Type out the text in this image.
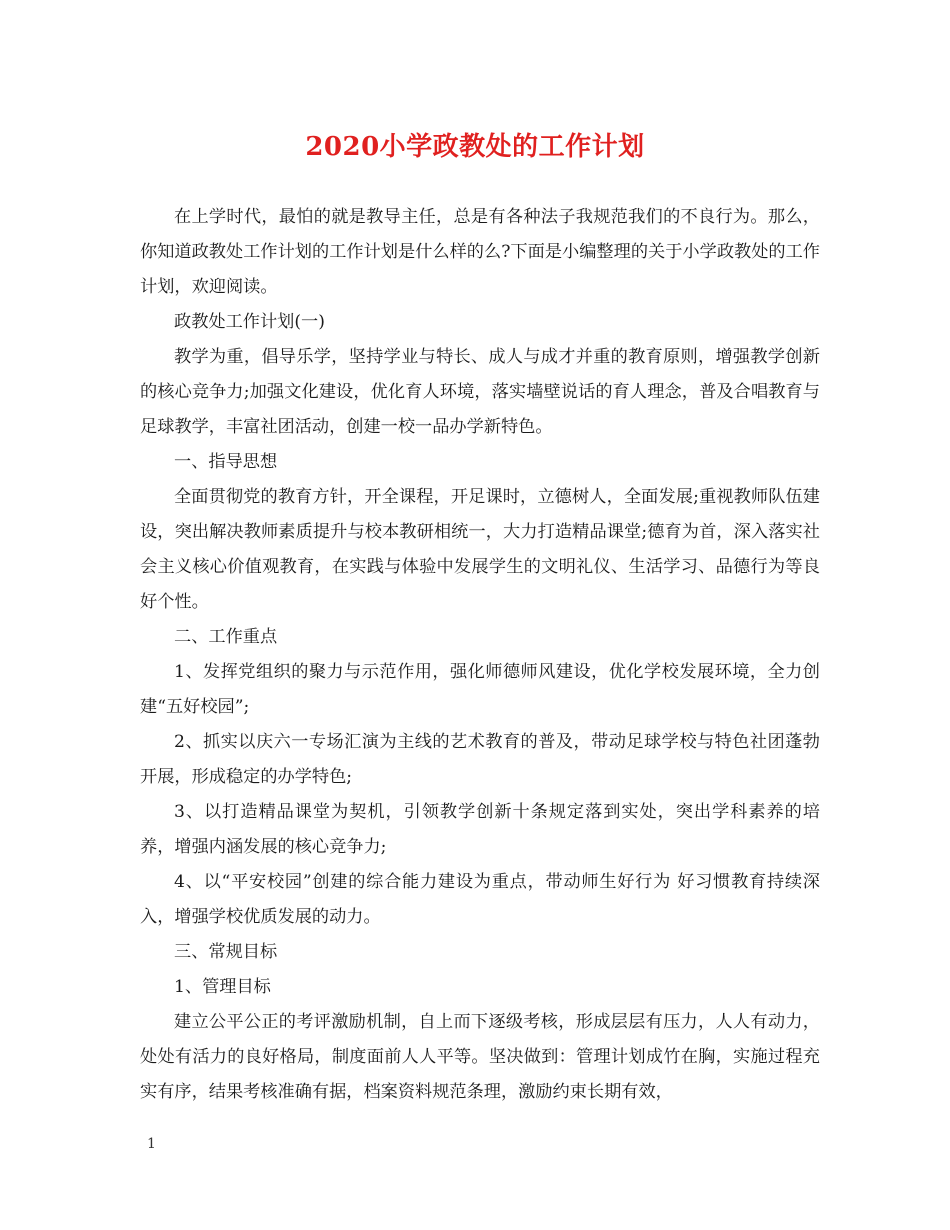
2020小学政教处的工作计划

在上学时代，最怕的就是教导主任，总是有各种法子我规范我们的不良行为。那么，你知道政教处工作计划的工作计划是什么样的么?下面是小编整理的关于小学政教处的工作计划，欢迎阅读。

政教处工作计划(一)

教学为重，倡导乐学，坚持学业与特长、成人与成才并重的教育原则，增强教学创新的核心竞争力;加强文化建设，优化育人环境，落实墙壁说话的育人理念，普及合唱教育与足球教学，丰富社团活动，创建一校一品办学新特色。

一、指导思想

全面贯彻党的教育方针，开全课程，开足课时，立德树人，全面发展;重视教师队伍建设，突出解决教师素质提升与校本教研相统一，大力打造精品课堂;德育为首，深入落实社会主义核心价值观教育，在实践与体验中发展学生的文明礼仪、生活学习、品德行为等良好个性。

二、工作重点

1、发挥党组织的聚力与示范作用，强化师德师风建设，优化学校发展环境，全力创建“五好校园”;

2、抓实以庆六一专场汇演为主线的艺术教育的普及，带动足球学校与特色社团蓬勃开展，形成稳定的办学特色;

3、以打造精品课堂为契机，引领教学创新十条规定落到实处，突出学科素养的培养，增强内涵发展的核心竞争力;

4、以“平安校园”创建的综合能力建设为重点，带动师生好行为 好习惯教育持续深入，增强学校优质发展的动力。

三、常规目标

1、管理目标

建立公平公正的考评激励机制，自上而下逐级考核，形成层层有压力，人人有动力，处处有活力的良好格局，制度面前人人平等。坚决做到：管理计划成竹在胸，实施过程充实有序，结果考核准确有据，档案资料规范条理，激励约束长期有效，

1
